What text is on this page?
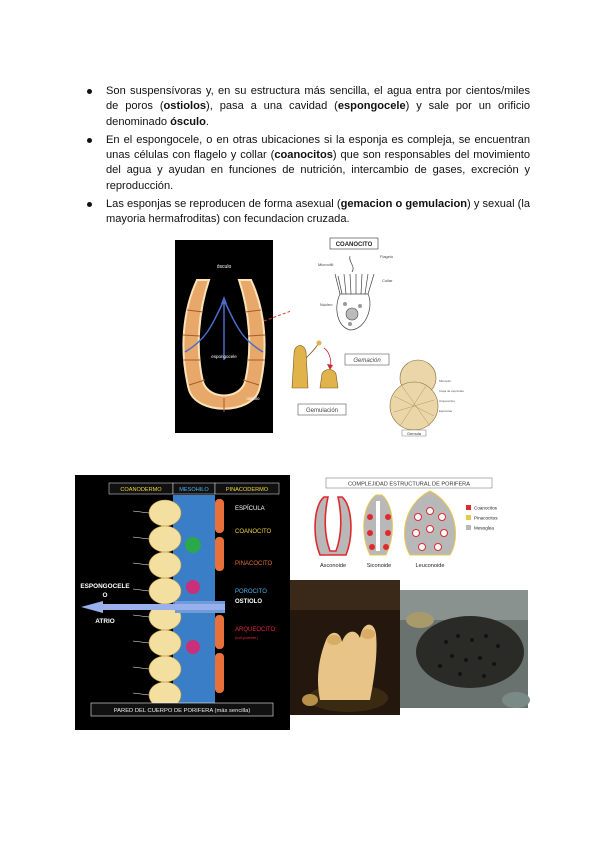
Son suspensívoras y, en su estructura más sencilla, el agua entra por cientos/miles de poros (ostiolos), pasa a una cavidad (espongocele) y sale por un orificio denominado ósculo.
En el espongocele, o en otras ubicaciones si la esponja es compleja, se encuentran unas células con flagelo y collar (coanocitos) que son responsables del movimiento del agua y ayudan en funciones de nutrición, intercambio de gases, excreción y reproducción.
Las esponjas se reproducen de forma asexual (gemacion o gemulacion) y sexual (la mayoria hermafroditas) con fecundacion cruzada.
ósculo
espongocele
ostiolo
COANOCITO
Flagelo
Microvilli
Collar
Núcleo
Gemación
Micropilo
Capa de espículas
Arqueocitos
Espículas
Gemulación
Gemula
COANODERMO	MESOHILO	PINACODERMO
ESPÍCULA
COANOCITO
PINACOCITO
POROCITO
OSTIOLO
ARQUEOCITO
(toti-potente)
ESPONGOCELE
O
ATRIO
PARED DEL CUERPO DE PORIFERA (más sencilla)
COMPLEJIDAD ESTRUCTURAL DE PORIFERA
Asconoide	Siconoide	Leuconoide
Coanocitos
Pinacocitos
Mesoglea
